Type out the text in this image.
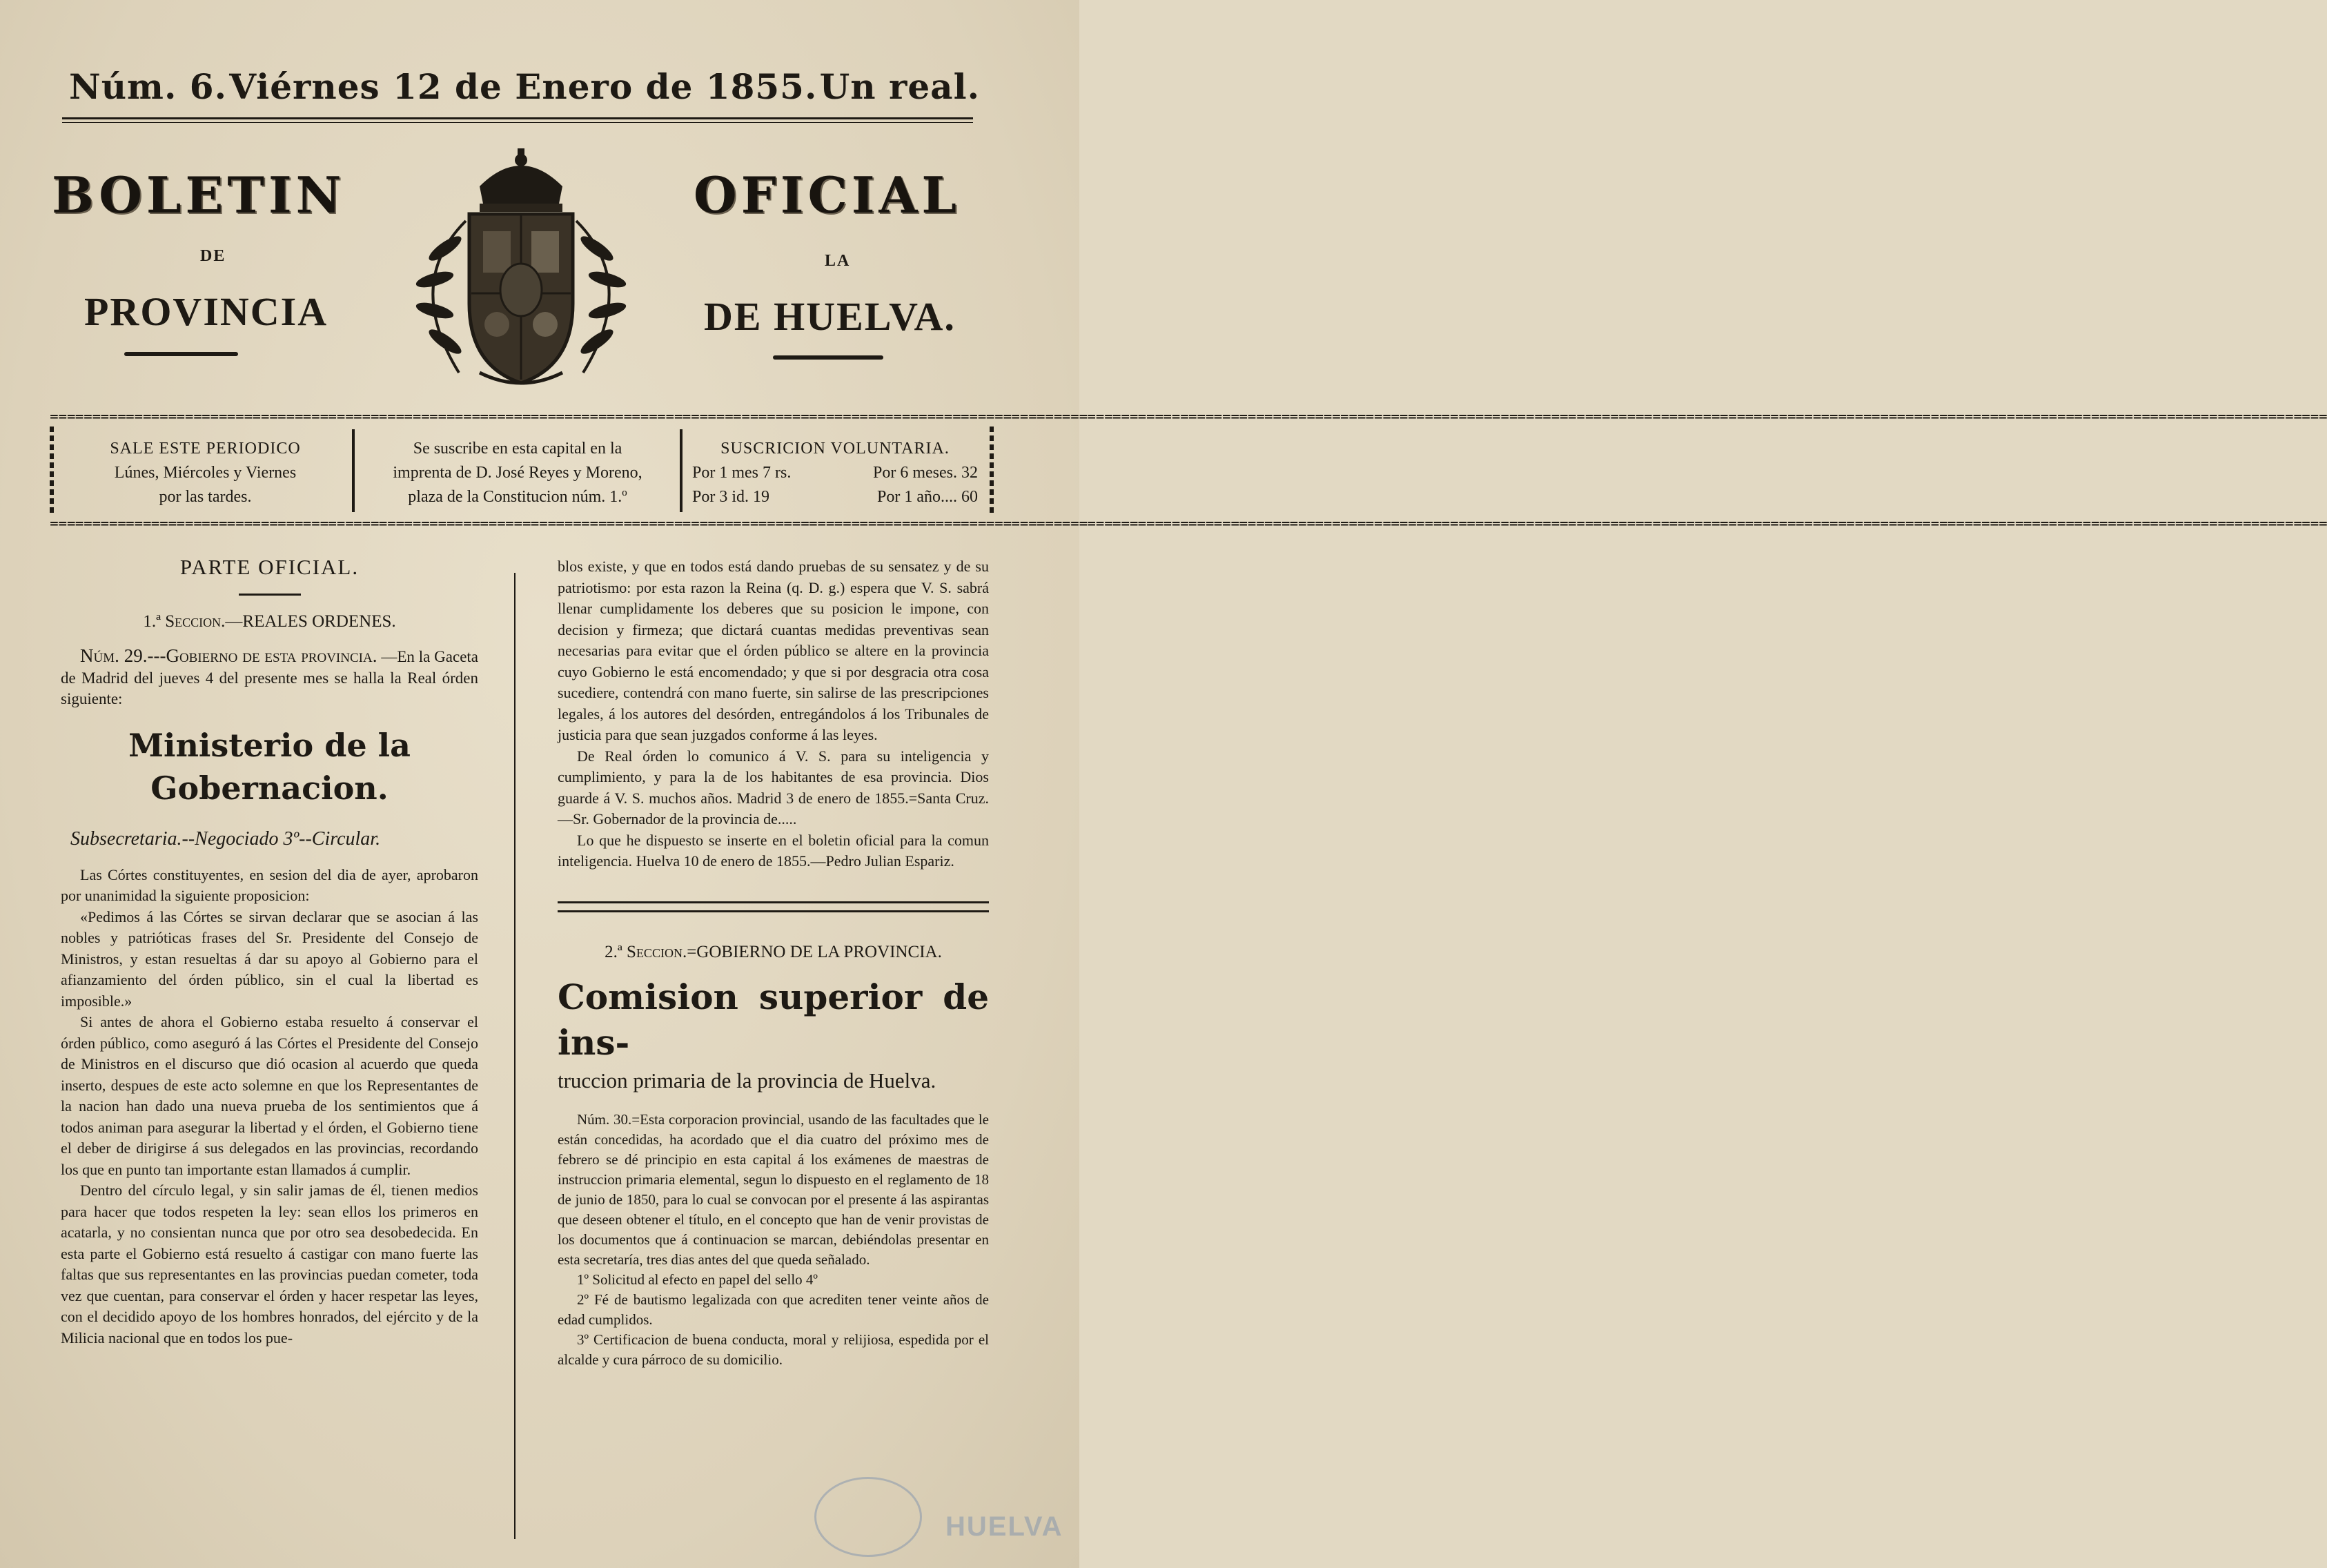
Núm. 6. Viérnes 12 de Enero de 1855. Un real.
BOLETIN	OFICIAL
DE	LA
PROVINCIA	DE HUELVA.
⩶⩶⩶⩶⩶⩶⩶⩶⩶⩶⩶⩶⩶⩶⩶⩶⩶⩶⩶⩶⩶⩶⩶⩶⩶⩶⩶⩶⩶⩶⩶⩶⩶⩶⩶⩶⩶⩶⩶⩶⩶⩶⩶⩶⩶⩶⩶⩶⩶⩶⩶⩶⩶⩶⩶⩶⩶⩶⩶⩶⩶⩶⩶⩶⩶⩶⩶⩶⩶⩶⩶⩶⩶⩶⩶⩶⩶⩶⩶⩶⩶⩶⩶⩶⩶⩶⩶⩶⩶⩶
⩶⩶⩶⩶⩶⩶⩶⩶⩶⩶⩶⩶⩶⩶⩶⩶⩶⩶⩶⩶⩶⩶⩶⩶⩶⩶⩶⩶⩶⩶⩶⩶⩶⩶⩶⩶⩶⩶⩶⩶⩶⩶⩶⩶⩶⩶⩶⩶⩶⩶⩶⩶⩶⩶⩶⩶⩶⩶⩶⩶⩶⩶⩶⩶⩶⩶⩶⩶⩶⩶⩶⩶⩶⩶⩶⩶⩶⩶⩶⩶⩶⩶⩶⩶⩶⩶⩶⩶⩶⩶
SALE ESTE PERIODICO
Lúnes, Miércoles y Viernes
por las tardes.
Se suscribe en esta capital en la
imprenta de D. José Reyes y Moreno,
plaza de la Constitucion núm. 1.º
SUSCRICION VOLUNTARIA.
Por 1 mes 7 rs.	Por 6 meses. 32
Por 3 id. 19	Por 1 año.... 60
PARTE OFICIAL.
1.ª Seccion.—REALES ORDENES.

Núm. 29.---Gobierno de esta provincia. —En la Gaceta de Madrid del jueves 4 del presente mes se halla la Real órden siguiente:

Ministerio de la Gobernacion.
Subsecretaria.--Negociado 3º--Circular.

Las Córtes constituyentes, en sesion del dia de ayer, aprobaron por unanimidad la siguiente proposicion:

«Pedimos á las Córtes se sirvan declarar que se asocian á las nobles y patrióticas frases del Sr. Presidente del Consejo de Ministros, y estan resueltas á dar su apoyo al Gobierno para el afianzamiento del órden público, sin el cual la libertad es imposible.»

Si antes de ahora el Gobierno estaba resuelto á conservar el órden público, como aseguró á las Córtes el Presidente del Consejo de Ministros en el discurso que dió ocasion al acuerdo que queda inserto, despues de este acto solemne en que los Representantes de la nacion han dado una nueva prueba de los sentimientos que á todos animan para asegurar la libertad y el órden, el Gobierno tiene el deber de dirigirse á sus delegados en las provincias, recordando los que en punto tan importante estan llamados á cumplir.

Dentro del círculo legal, y sin salir jamas de él, tienen medios para hacer que todos respeten la ley: sean ellos los primeros en acatarla, y no consientan nunca que por otro sea desobedecida. En esta parte el Gobierno está resuelto á castigar con mano fuerte las faltas que sus representantes en las provincias puedan cometer, toda vez que cuentan, para conservar el órden y hacer respetar las leyes, con el decidido apoyo de los hombres honrados, del ejército y de la Milicia nacional que en todos los pue-

blos existe, y que en todos está dando pruebas de su sensatez y de su patriotismo: por esta razon la Reina (q. D. g.) espera que V. S. sabrá llenar cumplidamente los deberes que su posicion le impone, con decision y firmeza; que dictará cuantas medidas preventivas sean necesarias para evitar que el órden público se altere en la provincia cuyo Gobierno le está encomendado; y que si por desgracia otra cosa sucediere, contendrá con mano fuerte, sin salirse de las prescripciones legales, á los autores del desórden, entregándolos á los Tribunales de justicia para que sean juzgados conforme á las leyes.

De Real órden lo comunico á V. S. para su inteligencia y cumplimiento, y para la de los habitantes de esa provincia. Dios guarde á V. S. muchos años. Madrid 3 de enero de 1855.=Santa Cruz.—Sr. Gobernador de la provincia de.....

Lo que he dispuesto se inserte en el boletin oficial para la comun inteligencia. Huelva 10 de enero de 1855.—Pedro Julian Espariz.

2.ª Seccion.=GOBIERNO DE LA PROVINCIA.
Comision superior de ins-
truccion primaria de la provincia de Huelva.

Núm. 30.=Esta corporacion provincial, usando de las facultades que le están concedidas, ha acordado que el dia cuatro del próximo mes de febrero se dé principio en esta capital á los exámenes de maestras de instruccion primaria elemental, segun lo dispuesto en el reglamento de 18 de junio de 1850, para lo cual se convocan por el presente á las aspirantas que deseen obtener el título, en el concepto que han de venir provistas de los documentos que á continuacion se marcan, debiéndolas presentar en esta secretaría, tres dias antes del que queda señalado.

1º Solicitud al efecto en papel del sello 4º

2º Fé de bautismo legalizada con que acrediten tener veinte años de edad cumplidos.

3º Certificacion de buena conducta, moral y relijiosa, espedida por el alcalde y cura párroco de su domicilio.

HUELVA
